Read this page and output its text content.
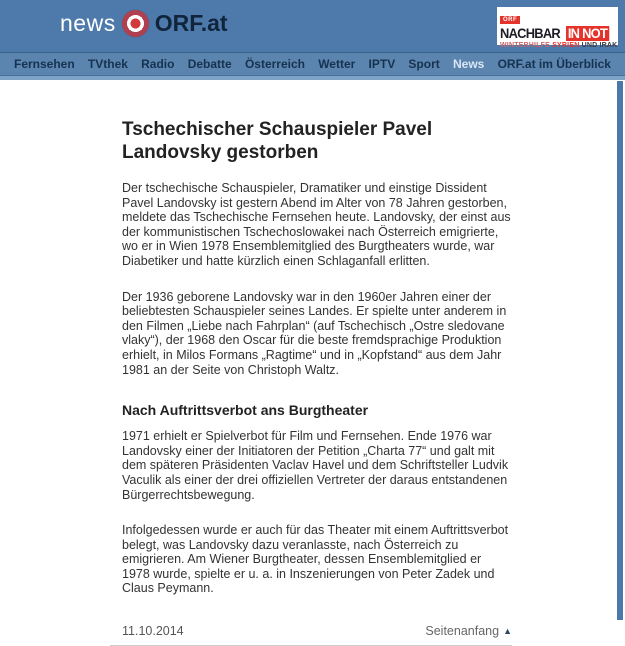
news ORF.at	ORF
NACHBAR IN NOT
WINTERHILFE SYRIEN UND IRAK
Fernsehen TVthek Radio Debatte Österreich Wetter IPTV Sport News ORF.at im Überblick
Tschechischer Schauspieler Pavel Landovsky gestorben

Der tschechische Schauspieler, Dramatiker und einstige Dissident Pavel Landovsky ist gestern Abend im Alter von 78 Jahren gestorben, meldete das Tschechische Fernsehen heute. Landovsky, der einst aus der kommunistischen Tschechoslowakei nach Österreich emigrierte, wo er in Wien 1978 Ensemblemitglied des Burgtheaters wurde, war Diabetiker und hatte kürzlich einen Schlaganfall erlitten.

Der 1936 geborene Landovsky war in den 1960er Jahren einer der beliebtesten Schauspieler seines Landes. Er spielte unter anderem in den Filmen „Liebe nach Fahrplan“ (auf Tschechisch „Ostre sledovane vlaky“), der 1968 den Oscar für die beste fremdsprachige Produktion erhielt, in Milos Formans „Ragtime“ und in „Kopfstand“ aus dem Jahr 1981 an der Seite von Christoph Waltz.

Nach Auftrittsverbot ans Burgtheater

1971 erhielt er Spielverbot für Film und Fernsehen. Ende 1976 war Landovsky einer der Initiatoren der Petition „Charta 77“ und galt mit dem späteren Präsidenten Vaclav Havel und dem Schriftsteller Ludvik Vaculik als einer der drei offiziellen Vertreter der daraus entstandenen Bürgerrechtsbewegung.

Infolgedessen wurde er auch für das Theater mit einem Auftrittsverbot belegt, was Landovsky dazu veranlasste, nach Österreich zu emigrieren. Am Wiener Burgtheater, dessen Ensemblemitglied er 1978 wurde, spielte er u. a. in Inszenierungen von Peter Zadek und Claus Peymann.

11.10.2014	Seitenanfang ▲
